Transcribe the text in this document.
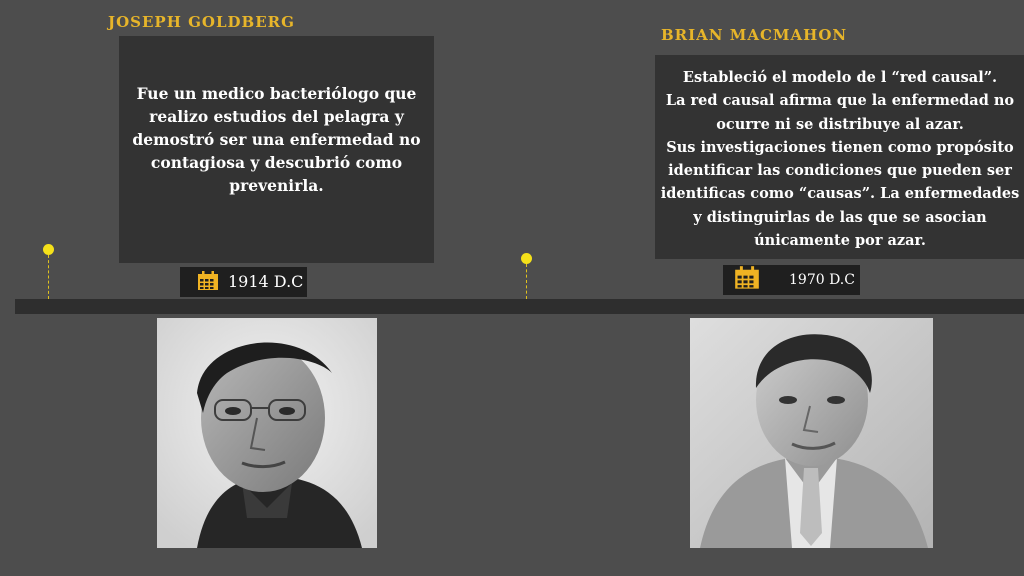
JOSEPH GOLDBERG

Fue un medico bacteriólogo que

realizo estudios del pelagra y

demostró ser una enfermedad no

contagiosa y descubrió como

prevenirla.

1914 D.C
BRIAN MACMAHON

Estableció el modelo de l “red causal”.

La red causal afirma que la enfermedad no

ocurre ni se distribuye al azar.

Sus investigaciones tienen como propósito

identificar las condiciones que pueden ser

identificas como “causas”. La enfermedades

y distinguirlas de las que se asocian

únicamente por azar.

1970 D.C
